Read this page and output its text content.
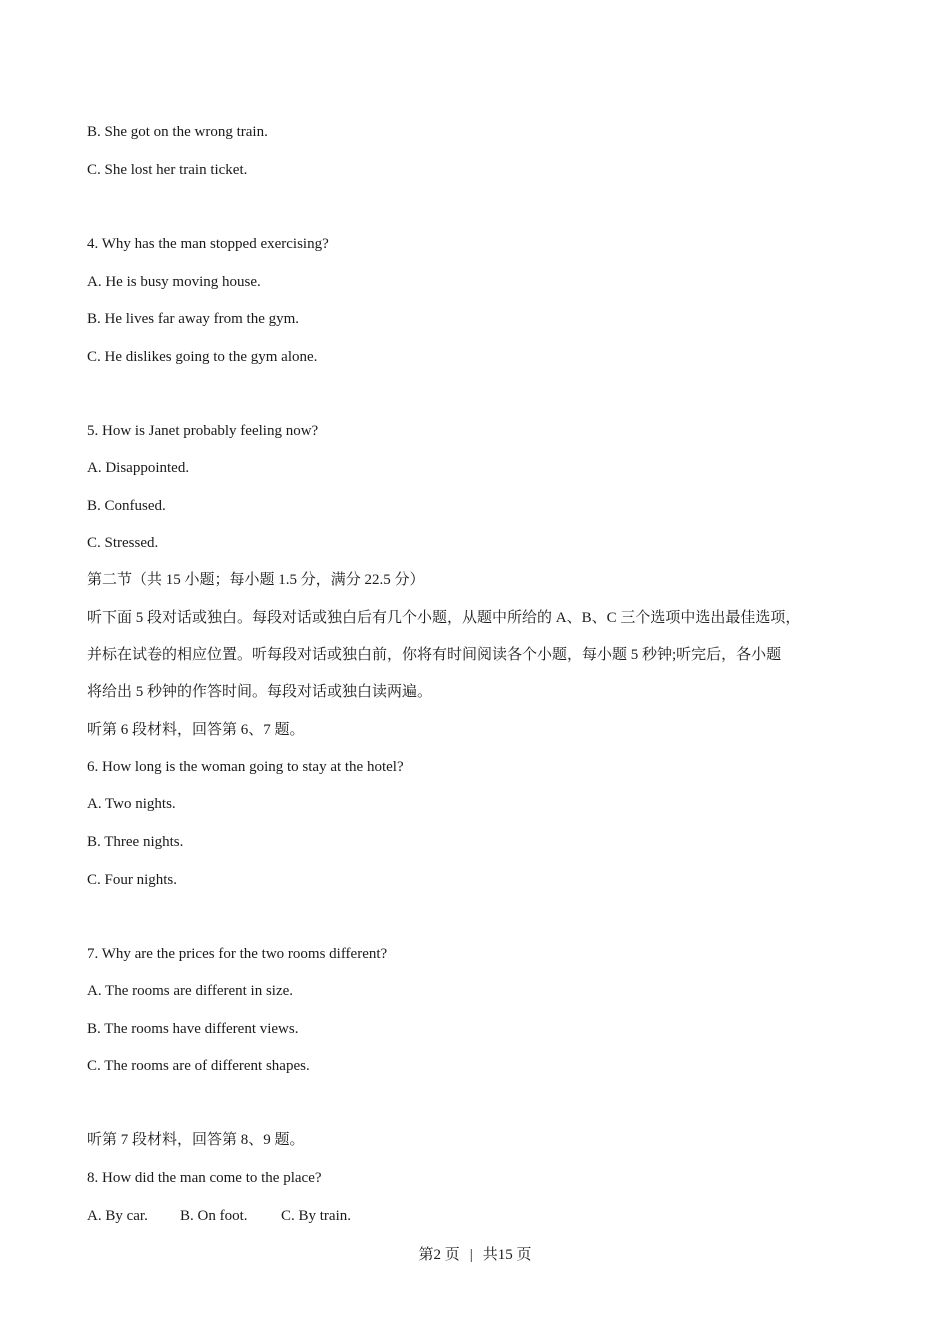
B. She got on the wrong train.
C. She lost her train ticket.
4. Why has the man stopped exercising?
A. He is busy moving house.
B. He lives far away from the gym.
C. He dislikes going to the gym alone.
5. How is Janet probably feeling now?
A. Disappointed.
B. Confused.
C. Stressed.
第二节（共 15 小题；每小题 1.5 分，满分 22.5 分）
听下面 5 段对话或独白。每段对话或独白后有几个小题，从题中所给的 A、B、C 三个选项中选出最佳选项，
并标在试卷的相应位置。听每段对话或独白前，你将有时间阅读各个小题，每小题 5 秒钟;听完后，各小题
将给出 5 秒钟的作答时间。每段对话或独白读两遍。
听第 6 段材料，回答第 6、7 题。
6. How long is the woman going to stay at the hotel?
A. Two nights.
B. Three nights.
C. Four nights.
7. Why are the prices for the two rooms different?
A. The rooms are different in size.
B. The rooms have different views.
C. The rooms are of different shapes.
听第 7 段材料，回答第 8、9 题。
8. How did the man come to the place?
A. By car. B. On foot. C. By train.
第2 页 | 共15 页
